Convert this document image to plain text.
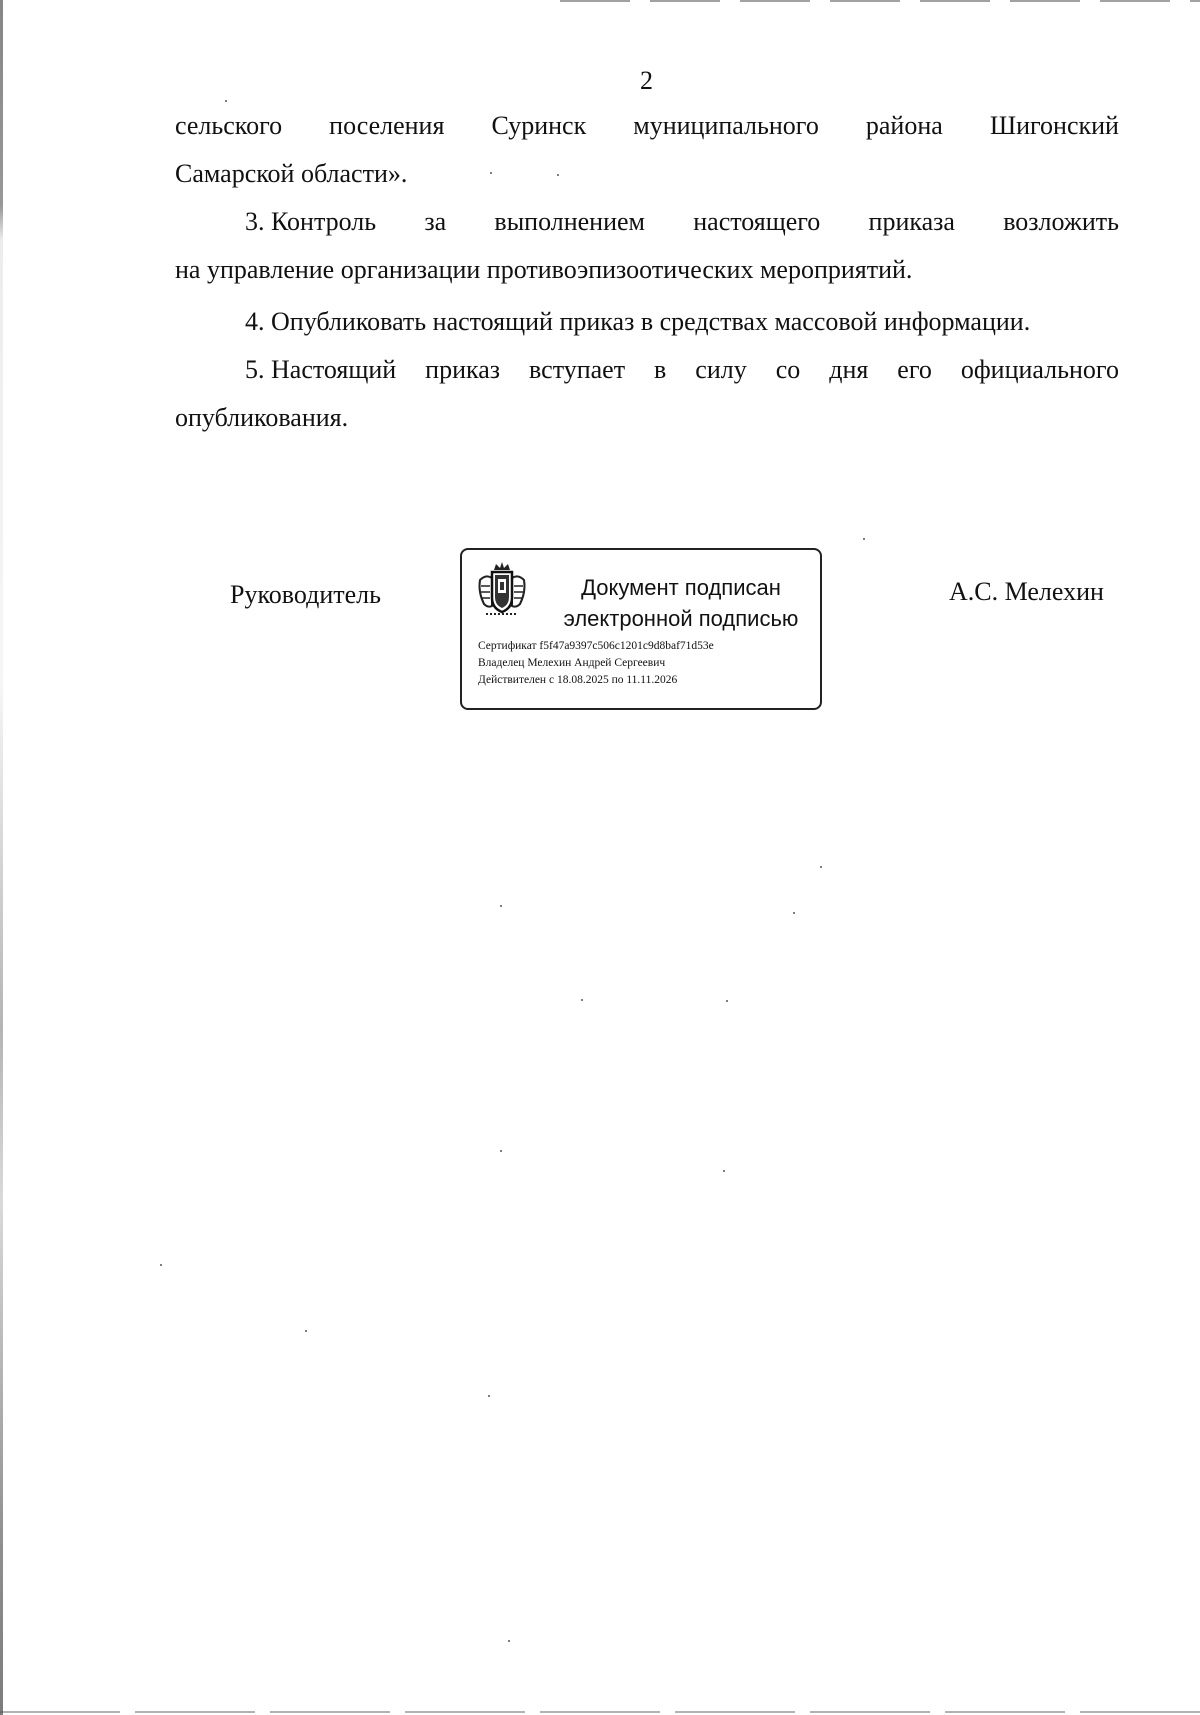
2
сельского поселения Суринск муниципального района Шигонский
Самарской области».
3. Контроль за выполнением настоящего приказа возложить
на управление организации противоэпизоотических мероприятий.
4. Опубликовать настоящий приказ в средствах массовой информации.
5. Настоящий приказ вступает в силу со дня его официального
опубликования.
Руководитель	Документ подписан
электронной подписью
Сертификат f5f47a9397c506c1201c9d8baf71d53e
Владелец Мелехин Андрей Сергеевич
Действителен с 18.08.2025 по 11.11.2026
А.С. Мелехин
